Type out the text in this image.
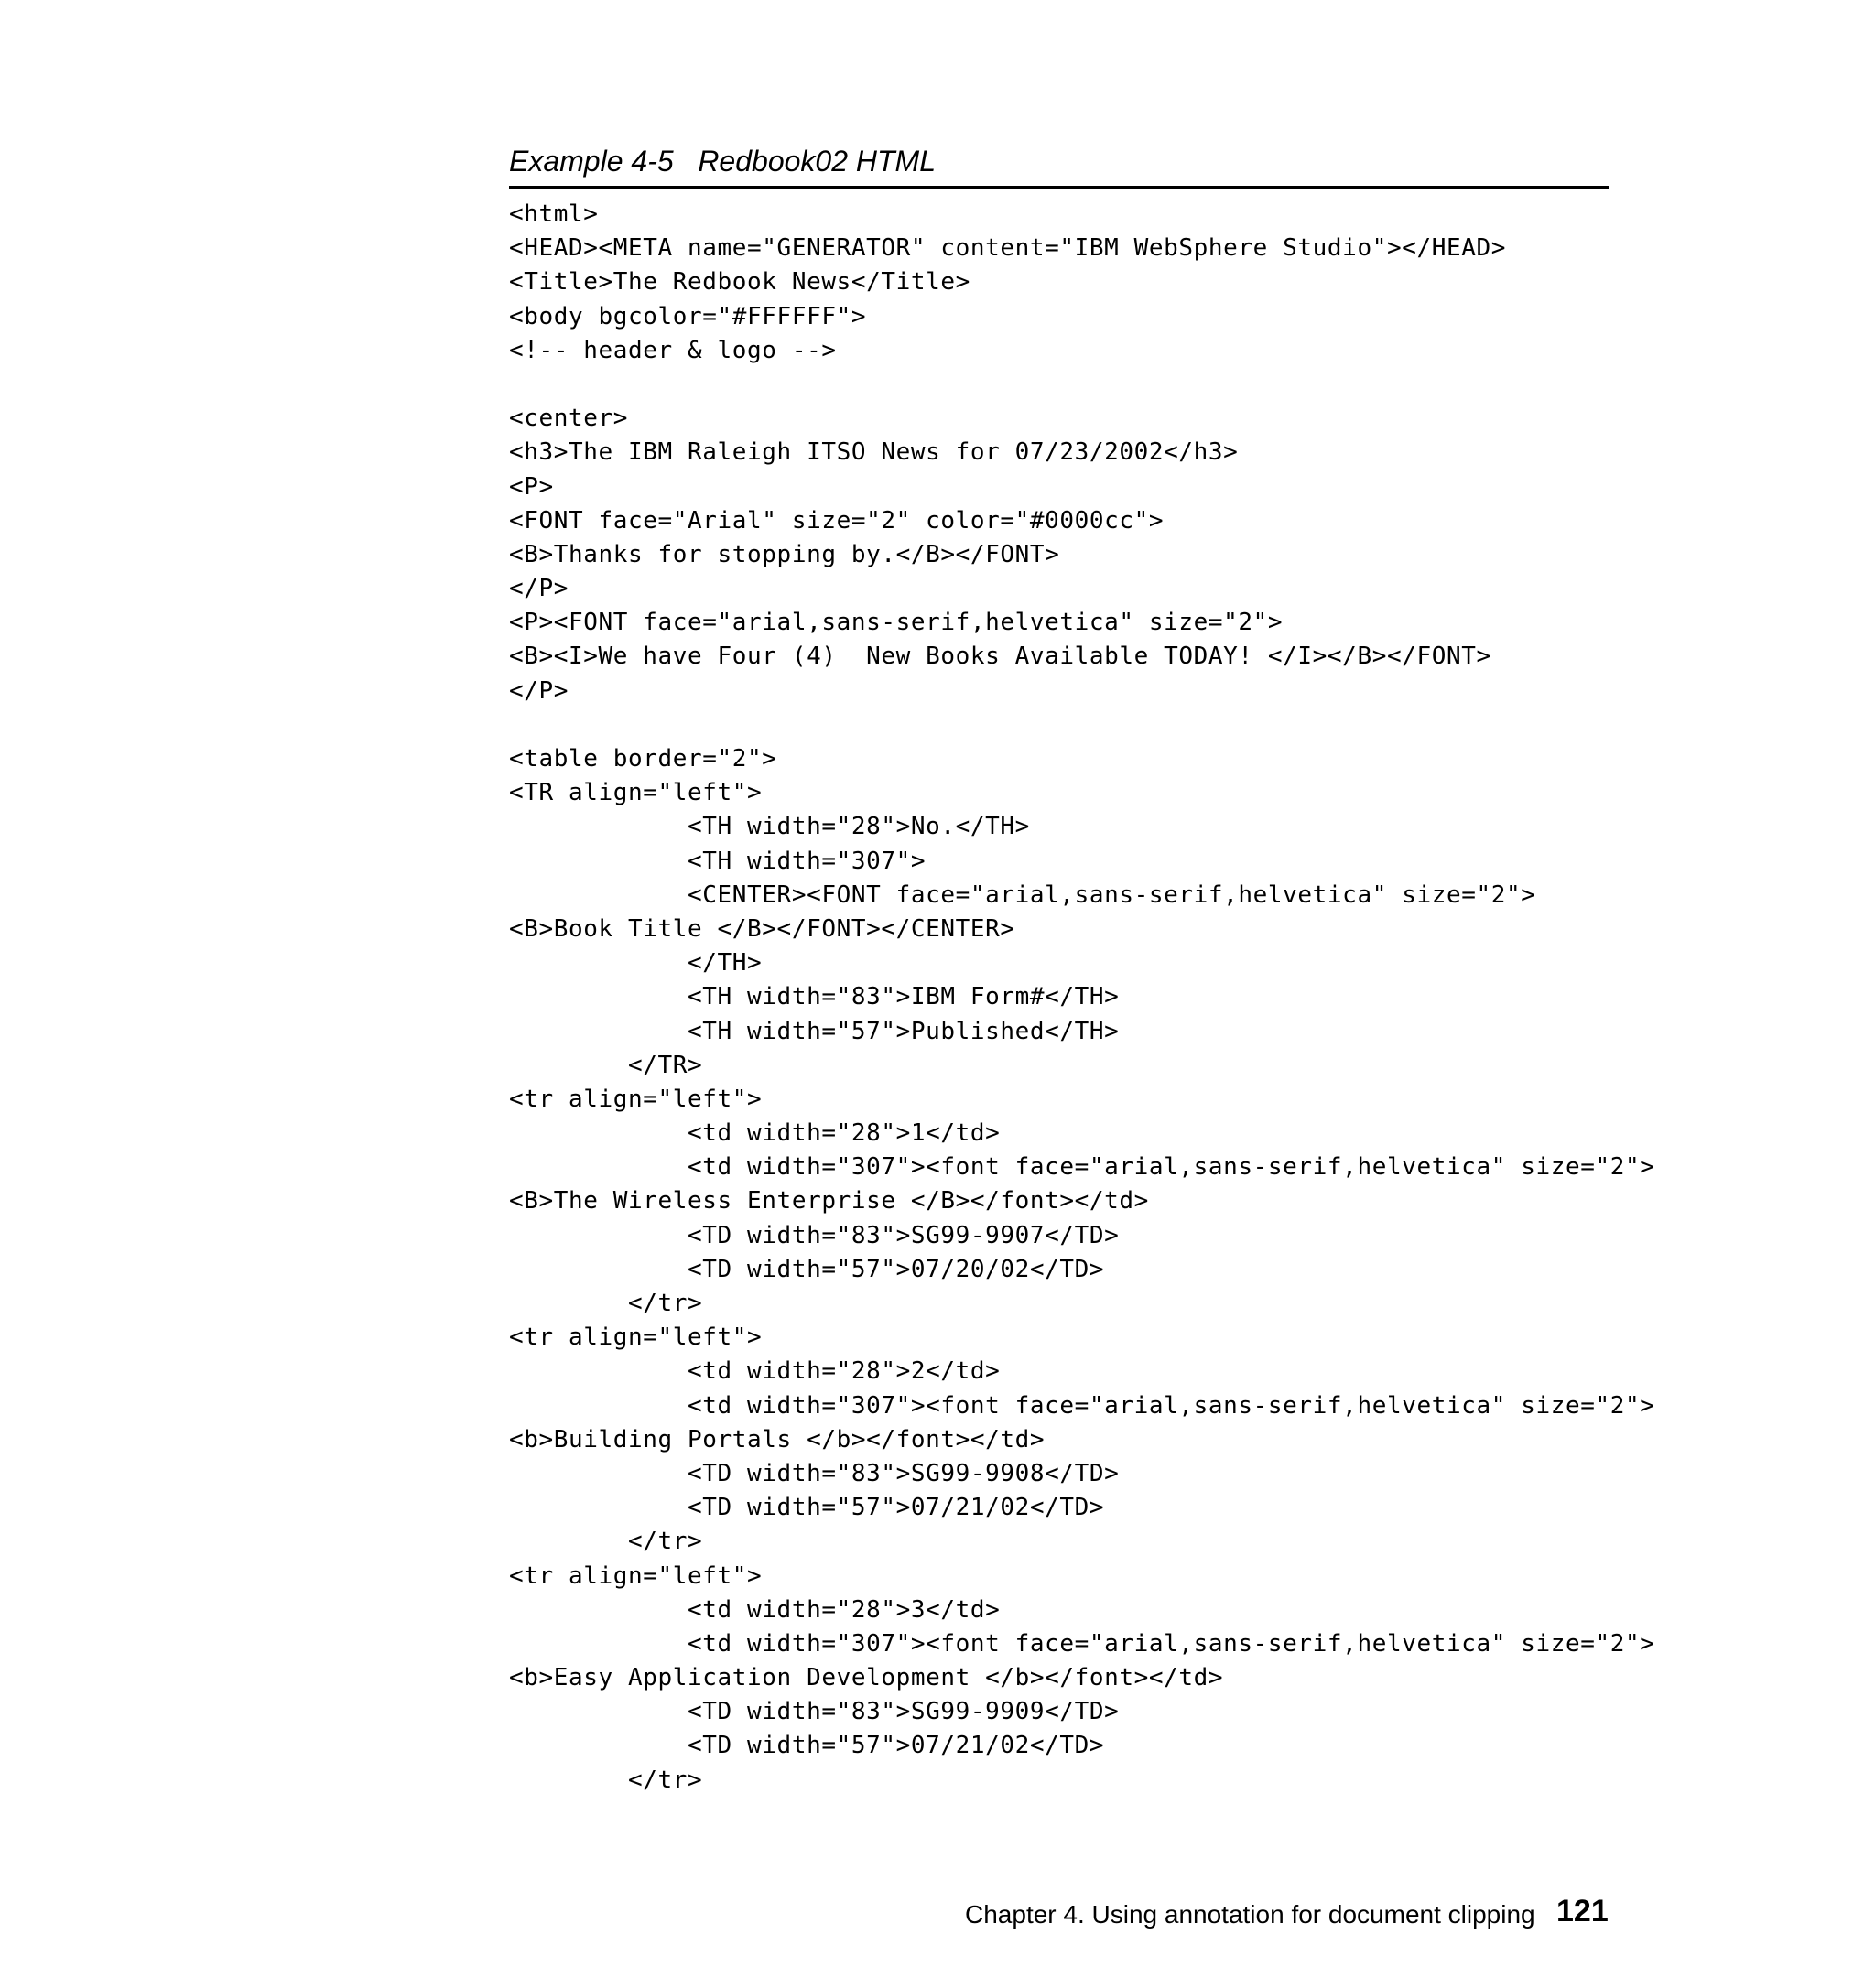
Example 4-5   Redbook02 HTML
<html>
<HEAD><META name="GENERATOR" content="IBM WebSphere Studio"></HEAD>
<Title>The Redbook News</Title>
<body bgcolor="#FFFFFF">
<!-- header & logo -->
<center>
<h3>The IBM Raleigh ITSO News for 07/23/2002</h3>
<P>
<FONT face="Arial" size="2" color="#0000cc">
<B>Thanks for stopping by.</B></FONT>
</P>
<P><FONT face="arial,sans-serif,helvetica" size="2">
<B><I>We have Four (4)  New Books Available TODAY! </I></B></FONT>
</P>
<table border="2">
<TR align="left">
<TH width="28">No.</TH>
<TH width="307">
<CENTER><FONT face="arial,sans-serif,helvetica" size="2">
<B>Book Title </B></FONT></CENTER>
</TH>
<TH width="83">IBM Form#</TH>
<TH width="57">Published</TH>
</TR>
<tr align="left">
<td width="28">1</td>
<td width="307"><font face="arial,sans-serif,helvetica" size="2">
<B>The Wireless Enterprise </B></font></td>
<TD width="83">SG99-9907</TD>
<TD width="57">07/20/02</TD>
</tr>
<tr align="left">
<td width="28">2</td>
<td width="307"><font face="arial,sans-serif,helvetica" size="2">
<b>Building Portals </b></font></td>
<TD width="83">SG99-9908</TD>
<TD width="57">07/21/02</TD>
</tr>
<tr align="left">
<td width="28">3</td>
<td width="307"><font face="arial,sans-serif,helvetica" size="2">
<b>Easy Application Development </b></font></td>
<TD width="83">SG99-9909</TD>
<TD width="57">07/21/02</TD>
</tr>
Chapter 4. Using annotation for document clipping 121
